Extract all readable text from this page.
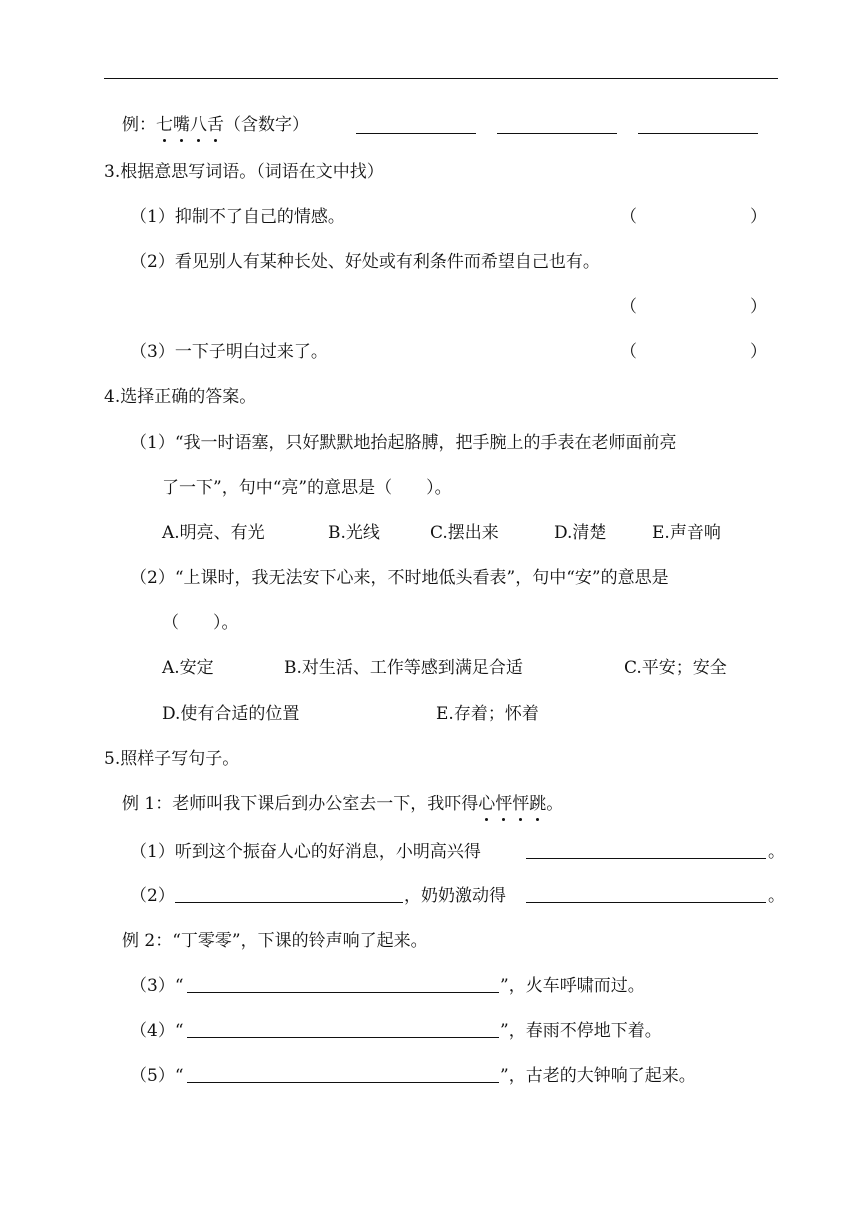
例：七嘴八舌（含数字）
3.根据意思写词语。（词语在文中找）
（1）抑制不了自己的情感。	（	）
（2）看见别人有某种长处、好处或有利条件而希望自己也有。
（	）
（3）一下子明白过来了。	（	）
4.选择正确的答案。
（1）“我一时语塞，只好默默地抬起胳膊，把手腕上的手表在老师面前亮
了一下”，句中“亮”的意思是（　　）。
A.明亮、有光	B.光线	C.摆出来	D.清楚	E.声音响
（2）“上课时，我无法安下心来，不时地低头看表”，句中“安”的意思是
（　　）。
A.安定	B.对生活、工作等感到满足合适	C.平安；安全
D.使有合适的位置	E.存着；怀着
5.照样子写句子。
例 1：老师叫我下课后到办公室去一下，我吓得心怦怦跳。
（1）听到这个振奋人心的好消息，小明高兴得	。
（2）	，奶奶激动得	。
例 2：“丁零零”，下课的铃声响了起来。
（3）“	”，火车呼啸而过。
（4）“	”，春雨不停地下着。
（5）“	”，古老的大钟响了起来。
